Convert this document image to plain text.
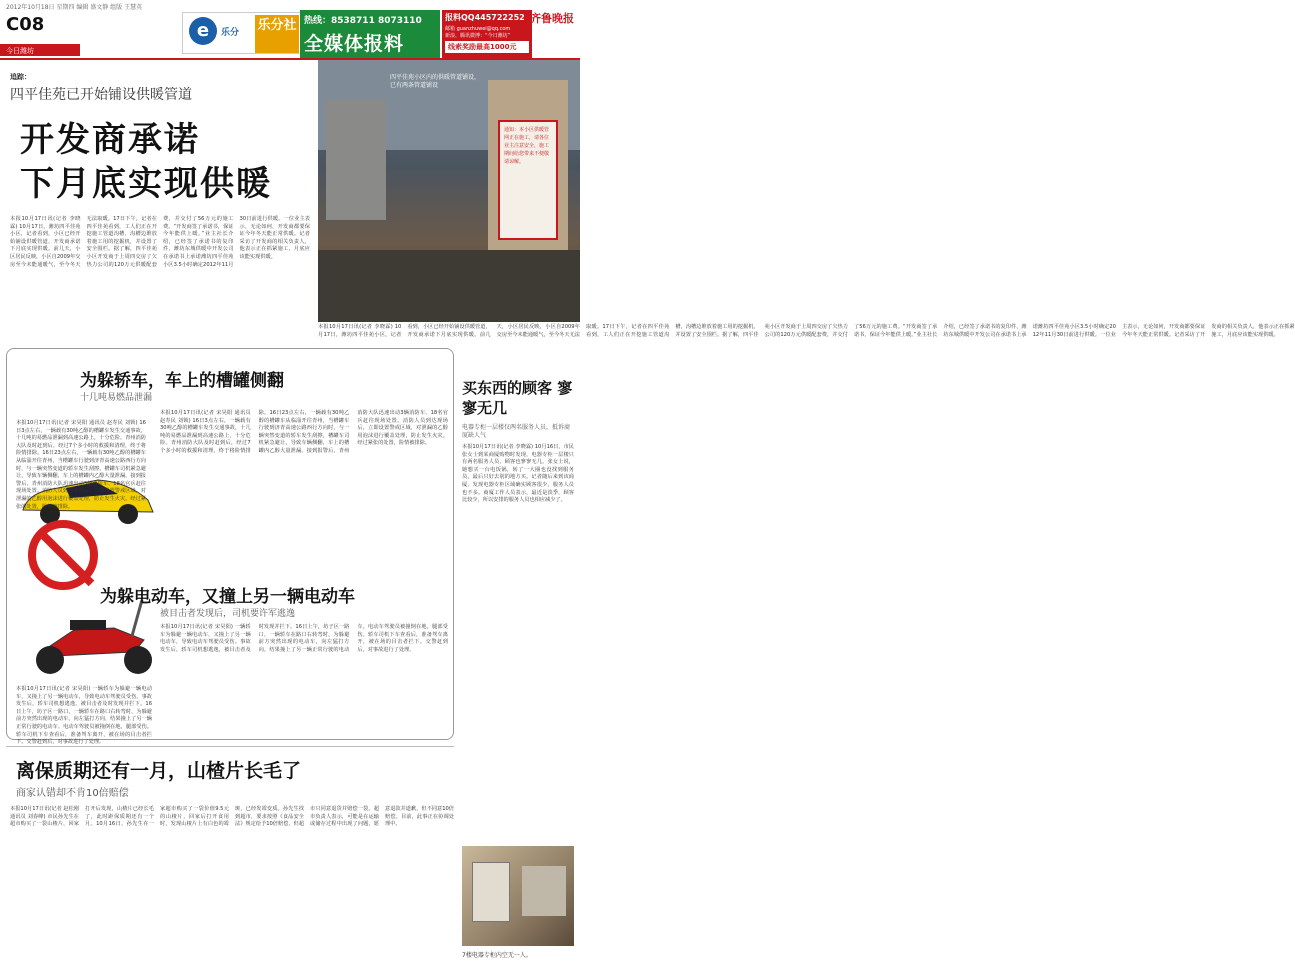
2012年10月18日 星期四 编辑 盛文静 组版 王慧英
C08
今日潍坊
e	乐分 乐分社 热线：8538711 8073110
全媒体报料
报料QQ445722252
邮箱 guanzhuwei@qq.com
新浪、腾讯微博：“今日潍坊”
线索奖励最高1000元
齐鲁晚报
追踪：
四平佳苑已开始铺设供暖管道
开发商承诺
下月底实现供暖
通知：本小区供暖管网正在施工，请各位业主注意安全，施工期间给您带来不便敬请谅解。
四平佳苑小区内的供暖管道铺设，已有两条管道铺设
本报10月17日讯(记者 李晓霖) 10月17日，潍坊四平佳苑小区，记者看到，小区已经开始铺设供暖管道，开发商承诺下月底实现供暖。前几天，小区居民反映，小区自2009年交房至今未能通暖气，至今冬天无法取暖。17日下午，记者在四平佳苑看到，工人们正在开挖施工管道沟槽，沟槽边堆放着施工用的挖掘机，并设置了安全围栏。据了解，四平佳苑小区开发商于上周四交房了欠热力公司的120万元供暖配套费，并交付了56万元的施工费。“开发商签了承诺书，保证今年能供上暖。”业主社长介绍，已经签了承诺书的复印件，潍坊东城供暖中开发公司在承诺书上承诺潍坊四平佳苑小区3.5小时确定2012年11月30日前进行供暖。一位业主表示，无论如何，开发商都要保证今年冬天能正常供暖。记者采访了开发商的相关负责人，他表示正在抓紧施工，月底应该能实现供暖。
本报10月17日讯(记者 李晓霖) 10月17日，潍坊四平佳苑小区，记者看到，小区已经开始铺设供暖管道，开发商承诺下月底实现供暖。前几天，小区居民反映，小区自2009年交房至今未能通暖气，至今冬天无法取暖。17日下午，记者在四平佳苑看到，工人们正在开挖施工管道沟槽，沟槽边堆放着施工用的挖掘机，并设置了安全围栏。据了解，四平佳苑小区开发商于上周四交房了欠热力公司的120万元供暖配套费，并交付了56万元的施工费。“开发商签了承诺书，保证今年能供上暖。”业主社长介绍，已经签了承诺书的复印件，潍坊东城供暖中开发公司在承诺书上承诺潍坊四平佳苑小区3.5小时确定2012年11月30日前进行供暖。一位业主表示，无论如何，开发商都要保证今年冬天能正常供暖。记者采访了开发商的相关负责人，他表示正在抓紧施工，月底应该能实现供暖。
为躲轿车，车上的槽罐侧翻
十几吨易燃品泄漏
本报10月17日讯(记者 宋昊阳 通讯员 赵寿民 刘锁) 16日3点左右，一辆载有30吨乙醇的槽罐车发生交通事故，十几吨的易燃品泄漏到高速公路上，十分危险。青州消防大队及时赶到后，经过7个多小时的救援和清理，终于将险情排除。16日23点左右，一辆载有30吨乙醇的槽罐车从临淄开往青州，当槽罐车行驶到济青高速公路西行方向时，与一辆突然变道的轿车发生刮擦，槽罐车司机紧急避让，导致车辆侧翻，车上的槽罐内乙醇大量泄漏。接到报警后，青州消防大队迅速出动3辆消防车、18名官兵赶往现场处置。消防人员到达现场后，立即设置警戒区域，对泄漏的乙醇用泡沫进行覆盖处理，防止发生火灾。经过紧张的处置，险情被排除。
本报10月17日讯(记者 宋昊阳 通讯员 赵寿民 刘锁) 16日3点左右，一辆载有30吨乙醇的槽罐车发生交通事故，十几吨的易燃品泄漏到高速公路上，十分危险。青州消防大队及时赶到后，经过7个多小时的救援和清理，终于将险情排除。16日23点左右，一辆载有30吨乙醇的槽罐车从临淄开往青州，当槽罐车行驶到济青高速公路西行方向时，与一辆突然变道的轿车发生刮擦，槽罐车司机紧急避让，导致车辆侧翻，车上的槽罐内乙醇大量泄漏。接到报警后，青州消防大队迅速出动3辆消防车、18名官兵赶往现场处置。消防人员到达现场后，立即设置警戒区域，对泄漏的乙醇用泡沫进行覆盖处理，防止发生火灾。经过紧张的处置，险情被排除。
为躲电动车，又撞上另一辆电动车
被目击者发现后，司机要许军逃逸
本报10月17日讯(记者 宋昊阳) 一辆轿车为躲避一辆电动车，又撞上了另一辆电动车，导致电动车驾驶员受伤。事故发生后，轿车司机想逃逸，被目击者及时发现并拦下。16日上午，坊子区一路口，一辆轿车在路口右转弯时，为躲避前方突然出现的电动车，向左猛打方向，结果撞上了另一辆正常行驶的电动车。电动车驾驶员被撞倒在地，腿部受伤。轿车司机下车查看后，准备驾车离开，被在场的目击者拦下。交警赶到后，对事故进行了处理。
本报10月17日讯(记者 宋昊阳) 一辆轿车为躲避一辆电动车，又撞上了另一辆电动车，导致电动车驾驶员受伤。事故发生后，轿车司机想逃逸，被目击者及时发现并拦下。16日上午，坊子区一路口，一辆轿车在路口右转弯时，为躲避前方突然出现的电动车，向左猛打方向，结果撞上了另一辆正常行驶的电动车。电动车驾驶员被撞倒在地，腿部受伤。轿车司机下车查看后，准备驾车离开，被在场的目击者拦下。交警赶到后，对事故进行了处理。
买东西的顾客 寥寥无几
电器专柜一层楼仅两名服务人员，抵诉商厦缺人气
本报10月17日讯(记者 李晓霖) 10月16日，市民张女士到某商厦购物时发现，电器专柜一层楼只有两名服务人员，顾客也寥寥无几。张女士说，她想买一台电饭锅，转了一大圈也没找到服务员，最后只好去别的地方买。记者随后来到该商厦，发现电器专柜区域确实顾客很少，服务人员也不多。商厦工作人员表示，最近是淡季，顾客比较少，所以安排的服务人员也相应减少了。
7楼电器专柜内空无一人。
离保质期还有一月，山楂片长毛了
商家认错却不肯10倍赔偿
本报10月17日讯(记者 赵松刚 通讯员 刘春峰) 市民孙先生在超市购买了一袋山楂片，回家打开后发现，山楂片已经长毛了，此时距保质期还有一个月。10月16日，孙先生在一家超市购买了一袋价值9.5元的山楂片，回家后打开食用时，发现山楂片上有白色的霉斑，已经发霉变质。孙先生找到超市，要求按照《食品安全法》规定给予10倍赔偿，但超市只同意退货并赔偿一袋。超市负责人表示，可能是在运输或储存过程中出现了问题，愿意退款并道歉，但不同意10倍赔偿。目前，此事正在协调处理中。
